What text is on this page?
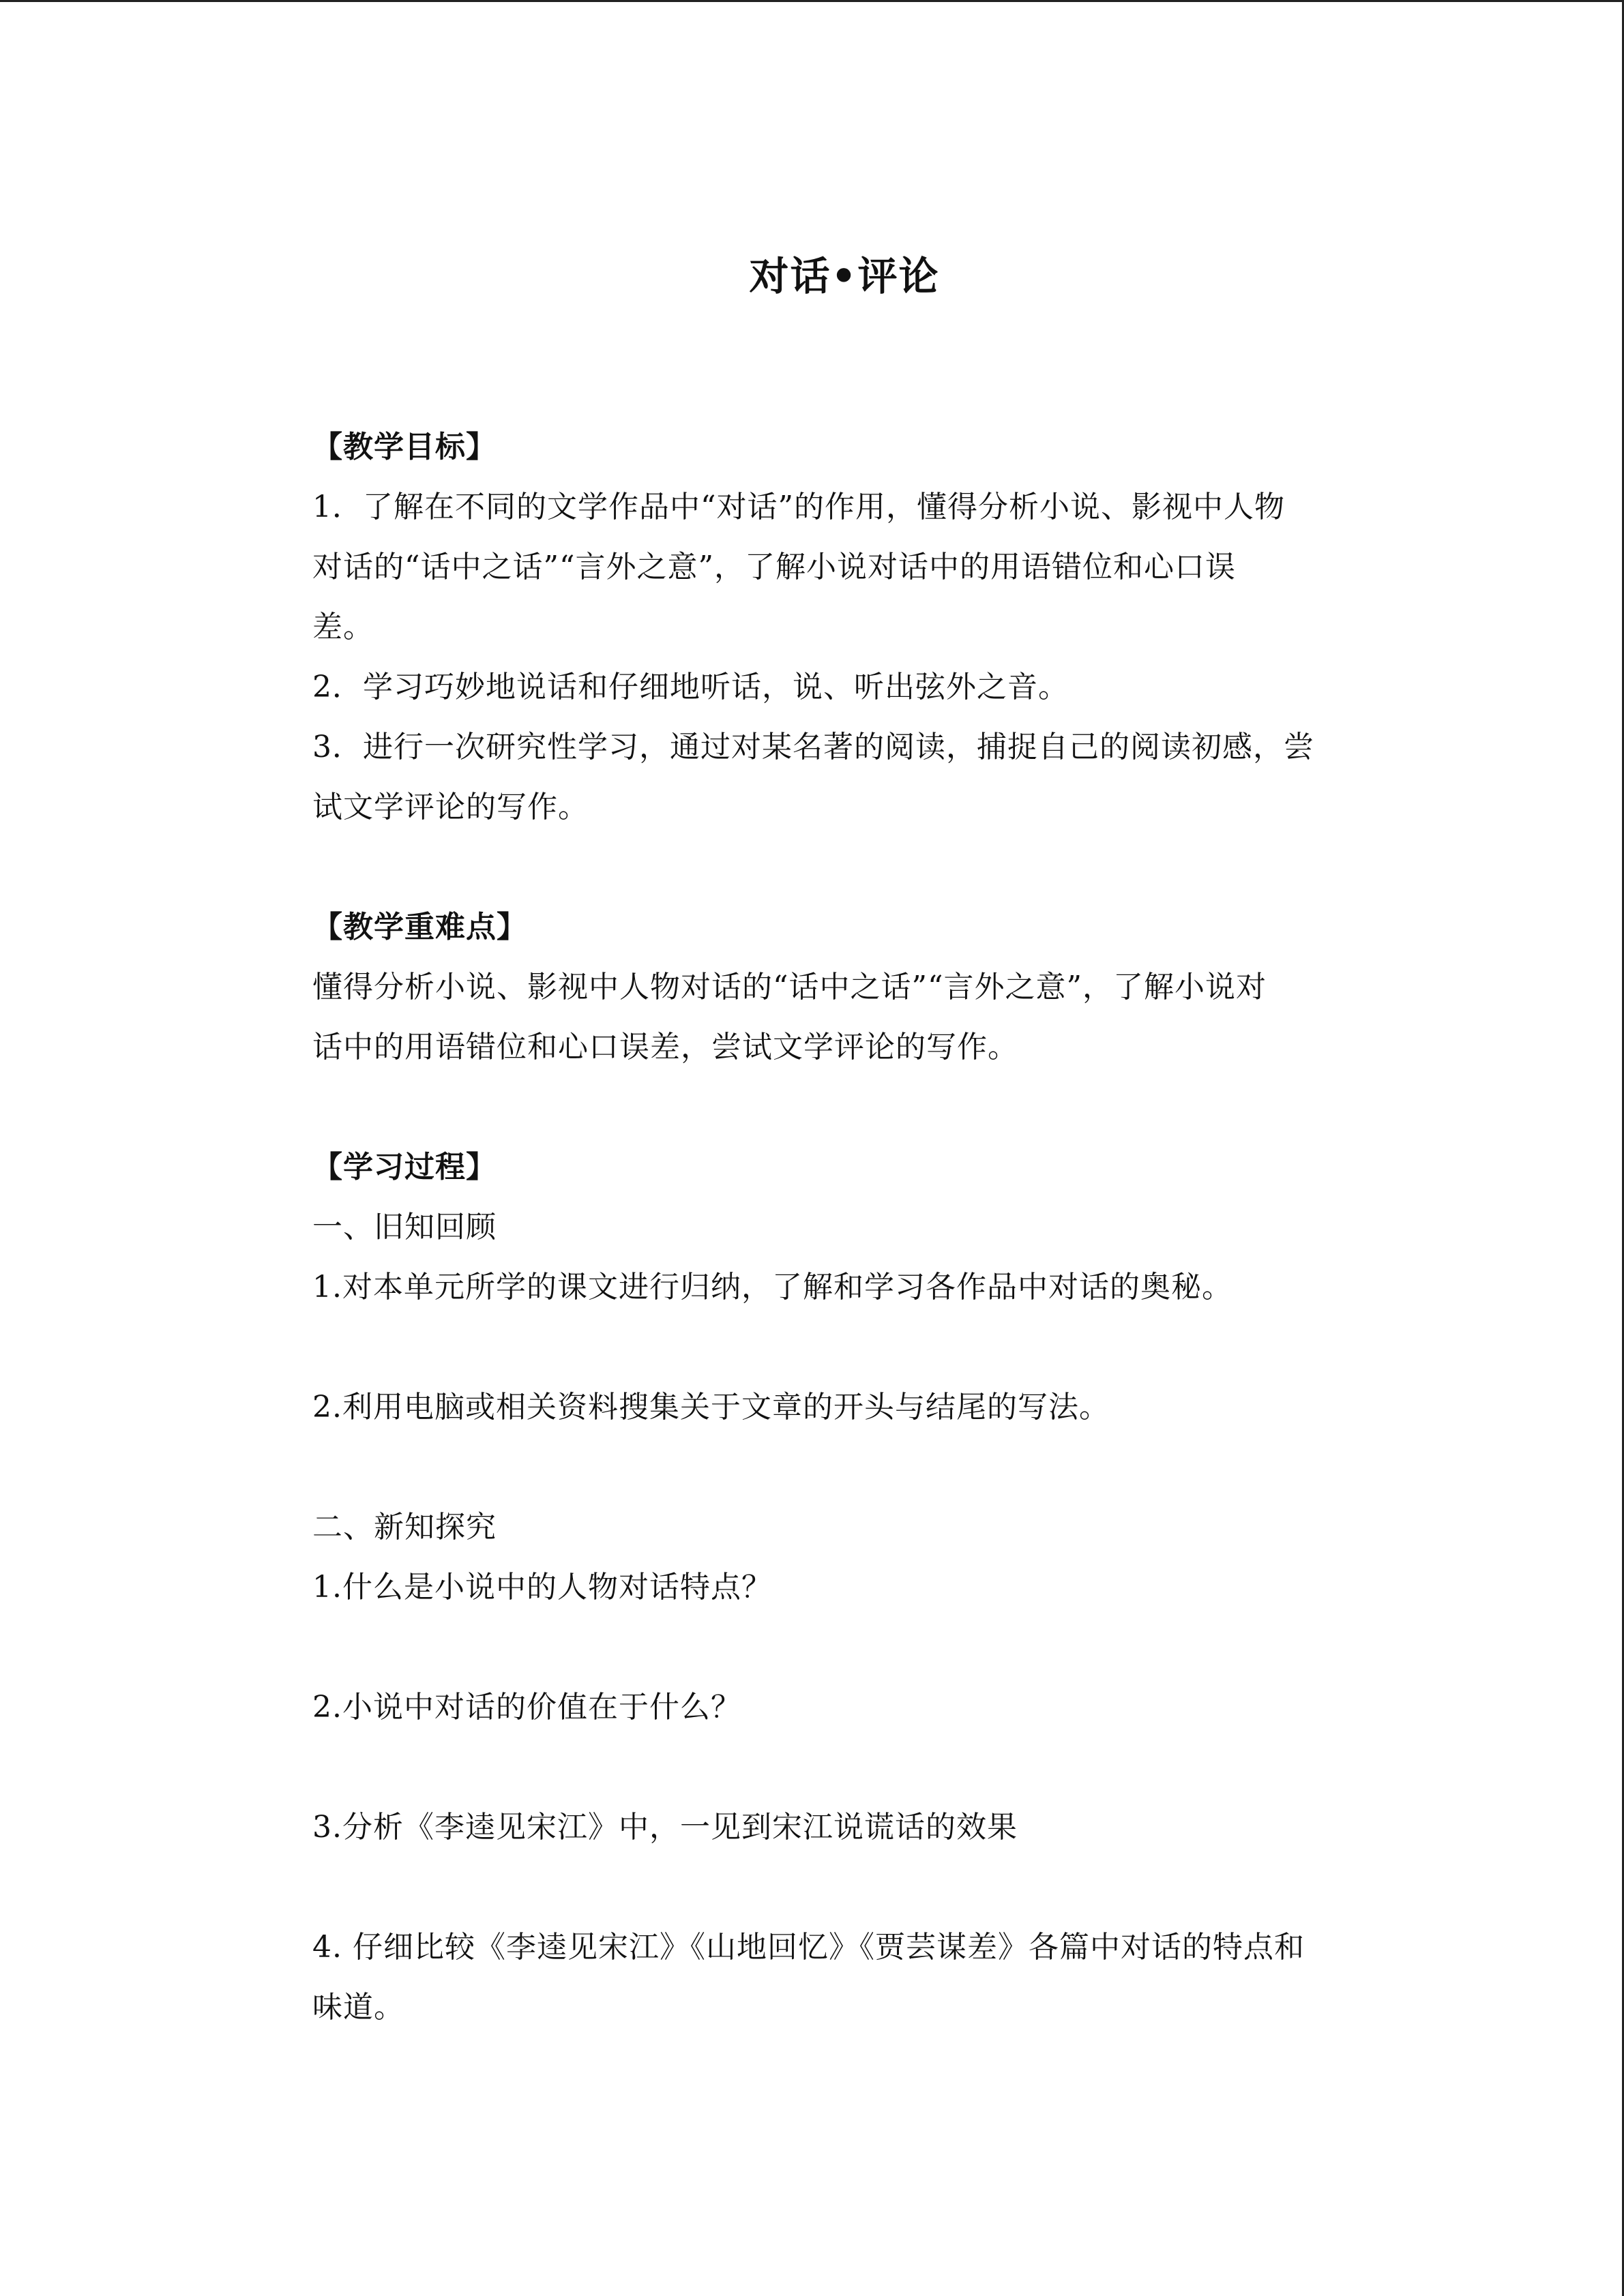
对话•评论

【教学目标】

1．了解在不同的文学作品中“对话”的作用，懂得分析小说、影视中人物

对话的“话中之话”“言外之意”，了解小说对话中的用语错位和心口误

差。

2．学习巧妙地说话和仔细地听话，说、听出弦外之音。

3．进行一次研究性学习，通过对某名著的阅读，捕捉自己的阅读初感，尝

试文学评论的写作。

【教学重难点】

懂得分析小说、影视中人物对话的“话中之话”“言外之意”，了解小说对

话中的用语错位和心口误差，尝试文学评论的写作。

【学习过程】

一、旧知回顾

1.对本单元所学的课文进行归纳，了解和学习各作品中对话的奥秘。

2.利用电脑或相关资料搜集关于文章的开头与结尾的写法。

二、新知探究

1.什么是小说中的人物对话特点？

2.小说中对话的价值在于什么？

3.分析《李逵见宋江》中，一见到宋江说谎话的效果

4. 仔细比较《李逵见宋江》《山地回忆》《贾芸谋差》各篇中对话的特点和

味道。
